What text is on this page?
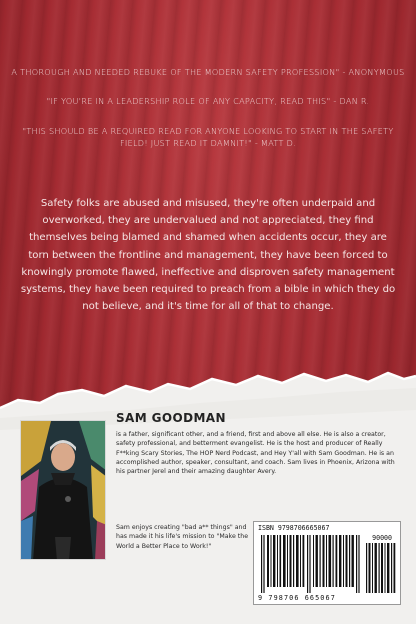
A THOROUGH AND NEEDED REBUKE OF THE MODERN SAFETY PROFESSION" - ANONYMOUS
"IF YOU'RE IN A LEADERSHIP ROLE OF ANY CAPACITY, READ THIS" - DAN R.
"THIS SHOULD BE A REQUIRED READ FOR ANYONE LOOKING TO START IN THE SAFETY FIELD! JUST READ IT DAMNIT!" - MATT D.
Safety folks are abused and misused, they're often underpaid and overworked, they are undervalued and not appreciated, they find themselves being blamed and shamed when accidents occur, they are torn between the frontline and management, they have been forced to knowingly promote flawed, ineffective and disproven safety management systems, they have been required to preach from a bible in which they do not believe, and it's time for all of that to change.
SAM GOODMAN
is a father, significant other, and a friend, first and above all else. He is also a creator, safety professional, and betterment evangelist. He is the host and producer of Really F**king Scary Stories, The HOP Nerd Podcast, and Hey Y'all with Sam Goodman. He is an accomplished author, speaker, consultant, and coach. Sam lives in Phoenix, Arizona with his partner Jerel and their amazing daughter Avery.
Sam enjoys creating "bad a** things" and has made it his life's mission to "Make the World a Better Place to Work!"
ISBN 9798706665067
90000
9 798706 665067
